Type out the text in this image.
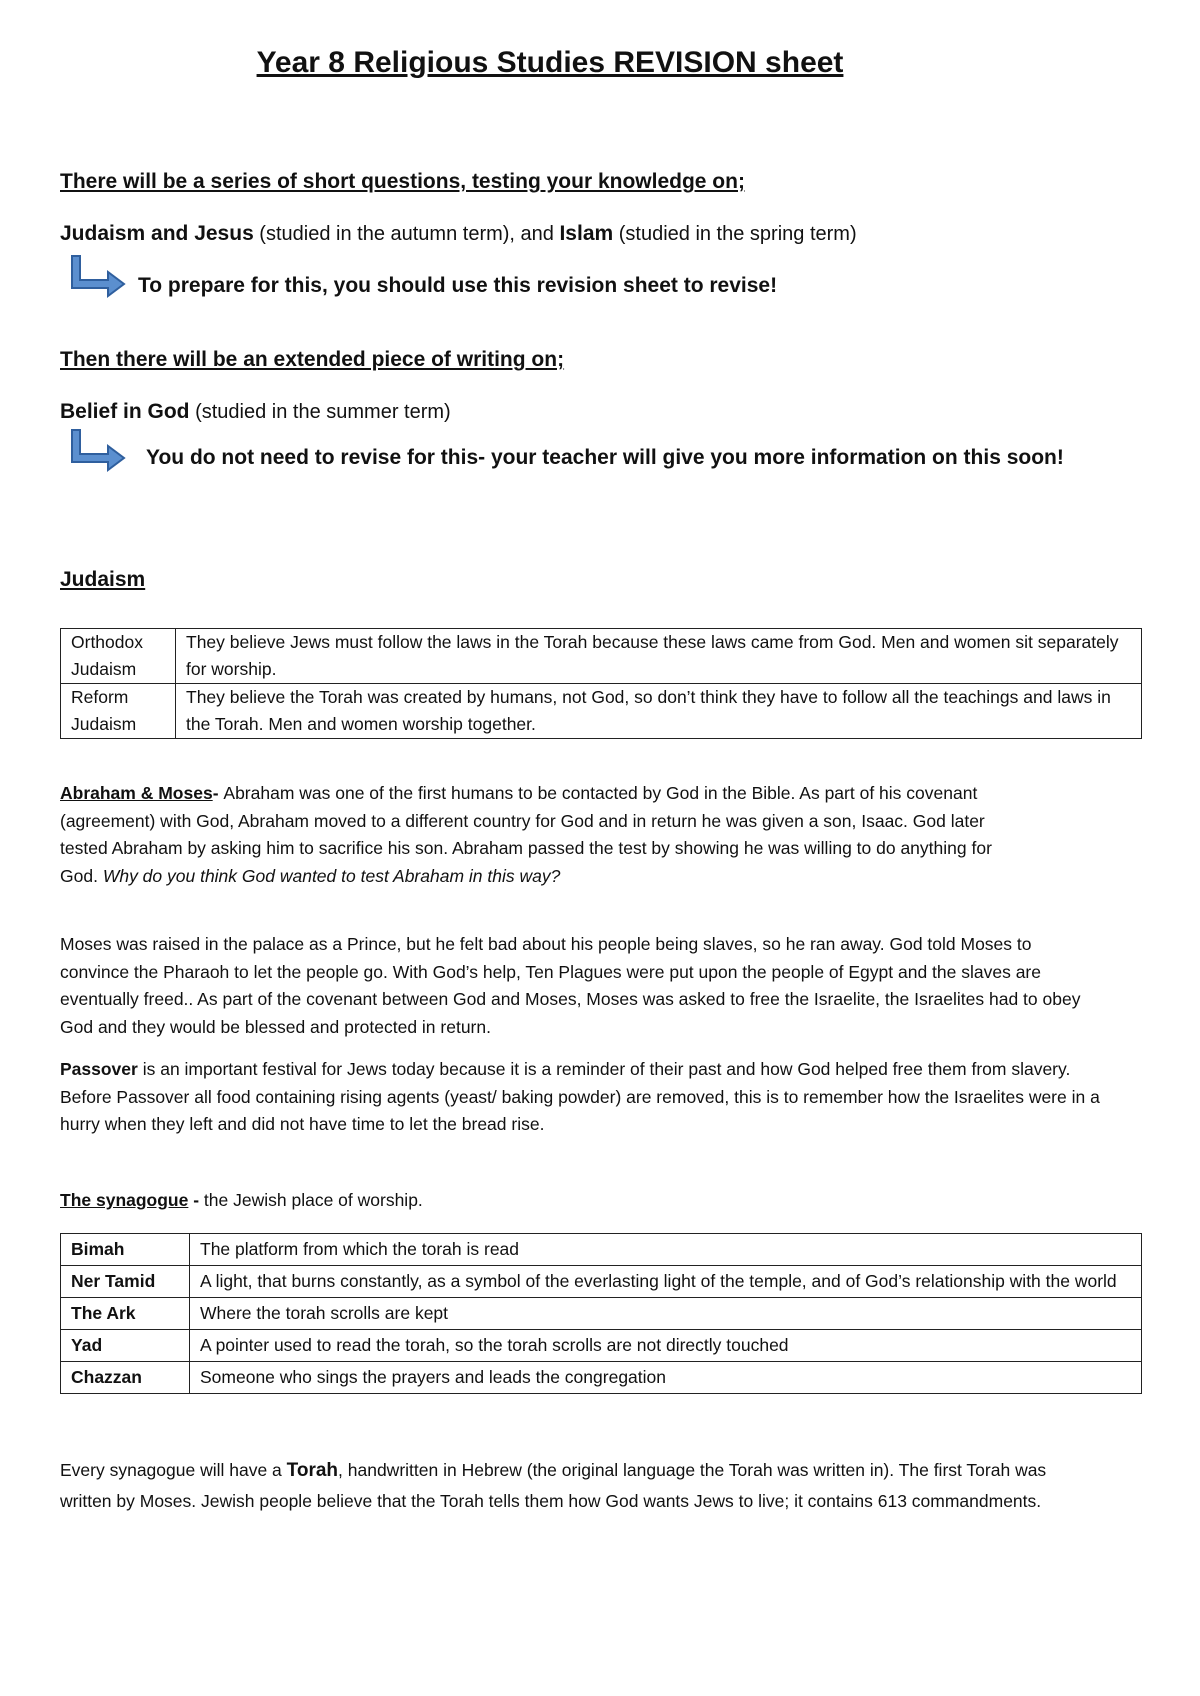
Year 8 Religious Studies REVISION sheet
There will be a series of short questions, testing your knowledge on;
Judaism and Jesus (studied in the autumn term), and Islam (studied in the spring term)
To prepare for this, you should use this revision sheet to revise!
Then there will be an extended piece of writing on;
Belief in God (studied in the summer term)
You do not need to revise for this- your teacher will give you more information on this soon!
Judaism
Orthodox Judaism	They believe Jews must follow the laws in the Torah because these laws came from God. Men and women sit separately for worship.
Reform Judaism	They believe the Torah was created by humans, not God, so don’t think they have to follow all the teachings and laws in the Torah. Men and women worship together.
Abraham & Moses- Abraham was one of the first humans to be contacted by God in the Bible. As part of his covenant (agreement) with God, Abraham moved to a different country for God and in return he was given a son, Isaac. God later tested Abraham by asking him to sacrifice his son. Abraham passed the test by showing he was willing to do anything for God. Why do you think God wanted to test Abraham in this way?
Moses was raised in the palace as a Prince, but he felt bad about his people being slaves, so he ran away. God told Moses to convince the Pharaoh to let the people go. With God’s help, Ten Plagues were put upon the people of Egypt and the slaves are eventually freed.. As part of the covenant between God and Moses, Moses was asked to free the Israelite, the Israelites had to obey God and they would be blessed and protected in return.
Passover is an important festival for Jews today because it is a reminder of their past and how God helped free them from slavery. Before Passover all food containing rising agents (yeast/ baking powder) are removed, this is to remember how the Israelites were in a hurry when they left and did not have time to let the bread rise.
The synagogue - the Jewish place of worship.
Bimah	The platform from which the torah is read
Ner Tamid	A light, that burns constantly, as a symbol of the everlasting light of the temple, and of God’s relationship with the world
The Ark	Where the torah scrolls are kept
Yad	A pointer used to read the torah, so the torah scrolls are not directly touched
Chazzan	Someone who sings the prayers and leads the congregation
Every synagogue will have a Torah, handwritten in Hebrew (the original language the Torah was written in). The first Torah was written by Moses. Jewish people believe that the Torah tells them how God wants Jews to live; it contains 613 commandments.
